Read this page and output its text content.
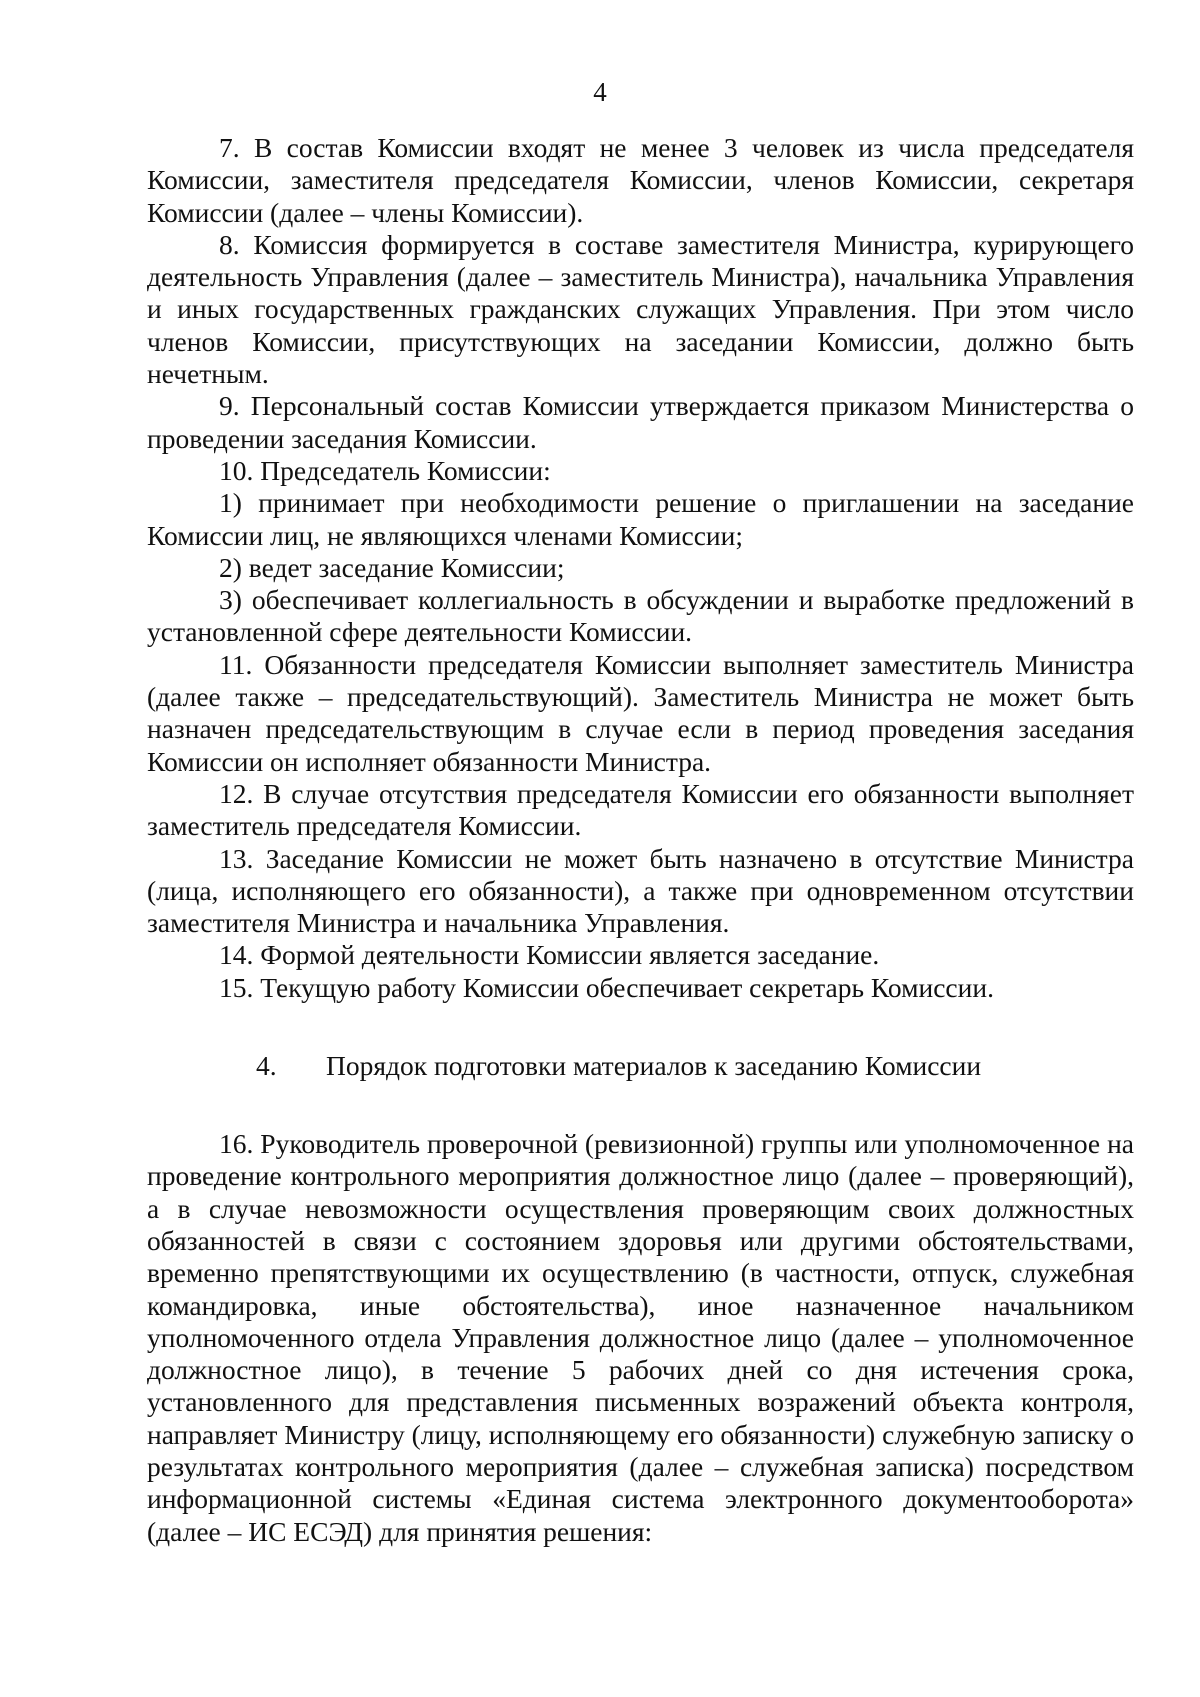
4

7. В состав Комиссии входят не менее 3 человек из числа председателя Комиссии, заместителя председателя Комиссии, членов Комиссии, секретаря Комиссии (далее – члены Комиссии).

8. Комиссия формируется в составе заместителя Министра, курирующего деятельность Управления (далее – заместитель Министра), начальника Управления и иных государственных гражданских служащих Управления. При этом число членов Комиссии, присутствующих на заседании Комиссии, должно быть нечетным.

9. Персональный состав Комиссии утверждается приказом Министерства о проведении заседания Комиссии.

10. Председатель Комиссии:

1) принимает при необходимости решение о приглашении на заседание Комиссии лиц, не являющихся членами Комиссии;

2) ведет заседание Комиссии;

3) обеспечивает коллегиальность в обсуждении и выработке предложений в установленной сфере деятельности Комиссии.

11. Обязанности председателя Комиссии выполняет заместитель Министра (далее также – председательствующий). Заместитель Министра не может быть назначен председательствующим в случае если в период проведения заседания Комиссии он исполняет обязанности Министра.

12. В случае отсутствия председателя Комиссии его обязанности выполняет заместитель председателя Комиссии.

13. Заседание Комиссии не может быть назначено в отсутствие Министра (лица, исполняющего его обязанности), а также при одновременном отсутствии заместителя Министра и начальника Управления.

14. Формой деятельности Комиссии является заседание.

15. Текущую работу Комиссии обеспечивает секретарь Комиссии.

4. Порядок подготовки материалов к заседанию Комиссии

16. Руководитель проверочной (ревизионной) группы или уполномоченное на проведение контрольного мероприятия должностное лицо (далее – проверяющий), а в случае невозможности осуществления проверяющим своих должностных обязанностей в связи с состоянием здоровья или другими обстоятельствами, временно препятствующими их осуществлению (в частности, отпуск, служебная командировка, иные обстоятельства), иное назначенное начальником уполномоченного отдела Управления должностное лицо (далее – уполномоченное должностное лицо), в течение 5 рабочих дней со дня истечения срока, установленного для представления письменных возражений объекта контроля, направляет Министру (лицу, исполняющему его обязанности) служебную записку о результатах контрольного мероприятия (далее – служебная записка) посредством информационной системы «Единая система электронного документооборота» (далее – ИС ЕСЭД) для принятия решения:
